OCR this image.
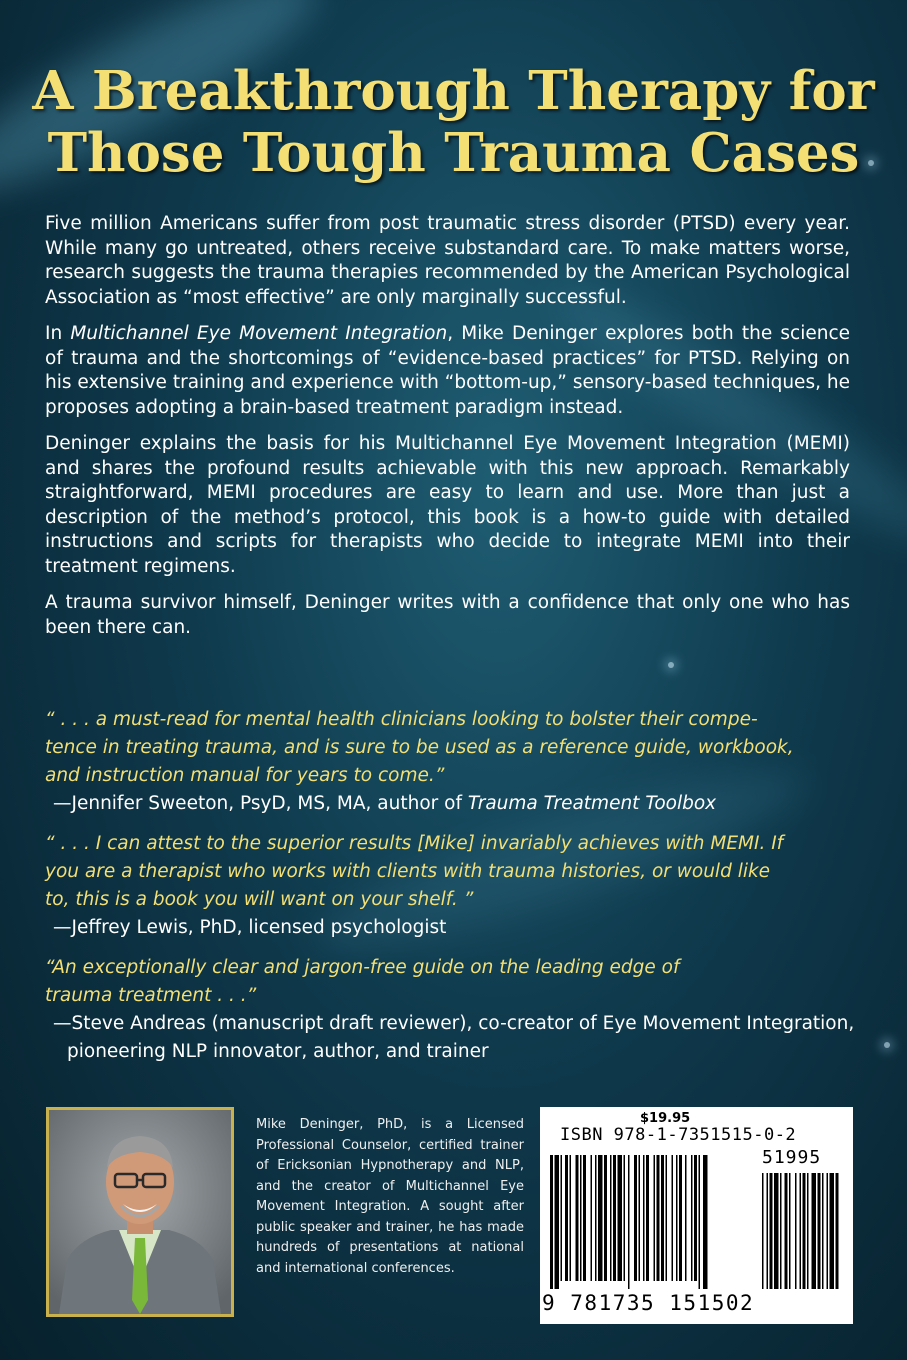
A Breakthrough Therapy for
Those Tough Trauma Cases

Five million Americans suffer from post traumatic stress disorder (PTSD) every year. While many go untreated, others receive substandard care. To make matters worse, research suggests the trauma therapies recommended by the American Psychological Association as “most effective” are only marginally successful.

In Multichannel Eye Movement Integration, Mike Deninger explores both the science of trauma and the shortcomings of “evidence-based practices” for PTSD. Relying on his extensive training and experience with “bottom-up,” sensory-based techniques, he proposes adopting a brain-based treatment paradigm instead.

Deninger explains the basis for his Multichannel Eye Movement Integration (MEMI) and shares the profound results achievable with this new approach. Remarkably straightforward, MEMI procedures are easy to learn and use. More than just a description of the method’s protocol, this book is a how-to guide with detailed instructions and scripts for therapists who decide to integrate MEMI into their treatment regimens.

A trauma survivor himself, Deninger writes with a confidence that only one who has been there can.

“ . . . a must-read for mental health clinicians looking to bolster their compe-

tence in treating trauma, and is sure to be used as a reference guide, workbook,

and instruction manual for years to come.”

—Jennifer Sweeton, PsyD, MS, MA, author of Trauma Treatment Toolbox

“ . . . I can attest to the superior results [Mike] invariably achieves with MEMI. If

you are a therapist who works with clients with trauma histories, or would like

to, this is a book you will want on your shelf. ”

—Jeffrey Lewis, PhD, licensed psychologist

“An exceptionally clear and jargon-free guide on the leading edge of

trauma treatment . . .”

—Steve Andreas (manuscript draft reviewer), co-creator of Eye Movement Integration,

pioneering NLP innovator, author, and trainer

Mike Deninger, PhD, is a Licensed Professional Counselor, certified trainer of Ericksonian Hypnotherapy and NLP, and the creator of Multichannel Eye Movement Integration. A sought after public speaker and trainer, he has made hundreds of presentations at national and international conferences.
$19.95
ISBN 978-1-7351515-0-2
51995
9 781735 151502
